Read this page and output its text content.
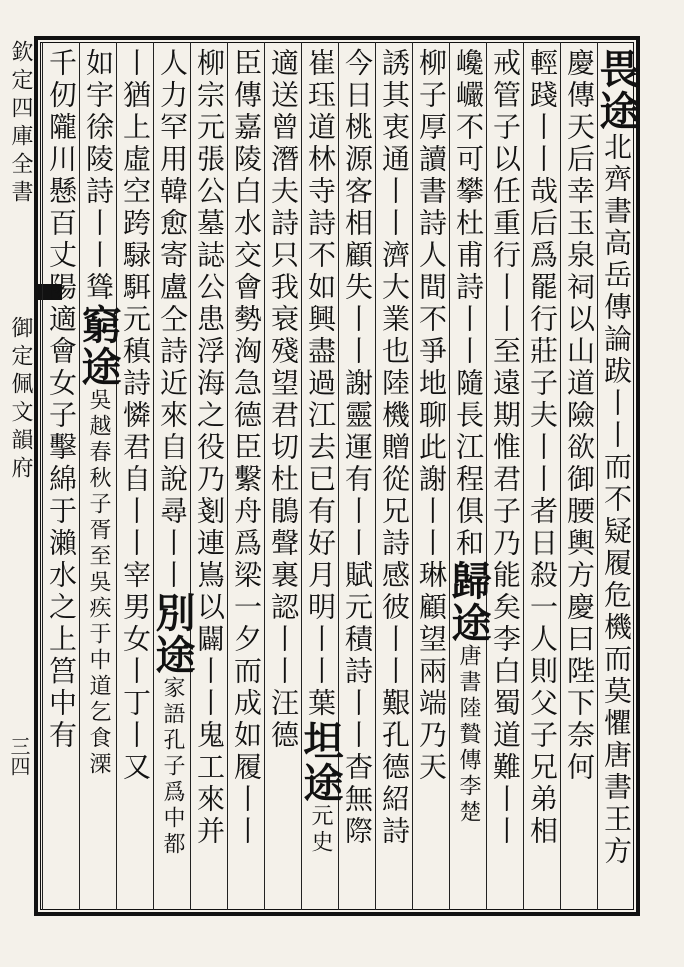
欽定四庫全書
御定佩文韻府
三四
畏途北齊書高岳傳論跋丨丨而不疑履危機而莫懼唐書王方
慶傳天后幸玉泉祠以山道險欲御腰輿方慶曰陛下奈何
輕踐丨丨哉后爲罷行莊子夫丨丨者日殺一人則父子兄弟相
戒管子以任重行丨丨至遠期惟君子乃能矣李白蜀道難丨丨
巉巗不可攀杜甫詩丨丨隨長江程俱和歸途唐書陸贄傳李楚
柳子厚讀書詩人間不爭地聊此謝丨丨琳顧望兩端乃天
誘其衷通丨丨濟大業也陸機贈從兄詩感彼丨丨艱孔德紹詩
今日桃源客相顧失丨丨謝靈運有丨丨賦元積詩丨丨杳無際
崔珏道林寺詩不如興盡過江去已有好月明丨丨葉坦途元史
適送曾潛夫詩只我衰殘望君切杜鵑聲裏認丨丨汪德
臣傳嘉陵白水交會勢洶急德臣繫舟爲梁一夕而成如履丨丨
柳宗元張公墓誌公患浮海之役乃剗連嶌以闢丨丨鬼工來并
人力罕用韓愈寄盧仝詩近來自說尋丨丨別途家語孔子爲中都
丨猶上虛空跨騄駬元稹詩憐君自丨丨宰男女丨丁丨又
如宇徐陵詩丨丨聳窮途吳越春秋子胥至吳疾于中道乞食溧
千仞隴川懸百丈陽適會女子擊綿于瀨水之上筥中有
